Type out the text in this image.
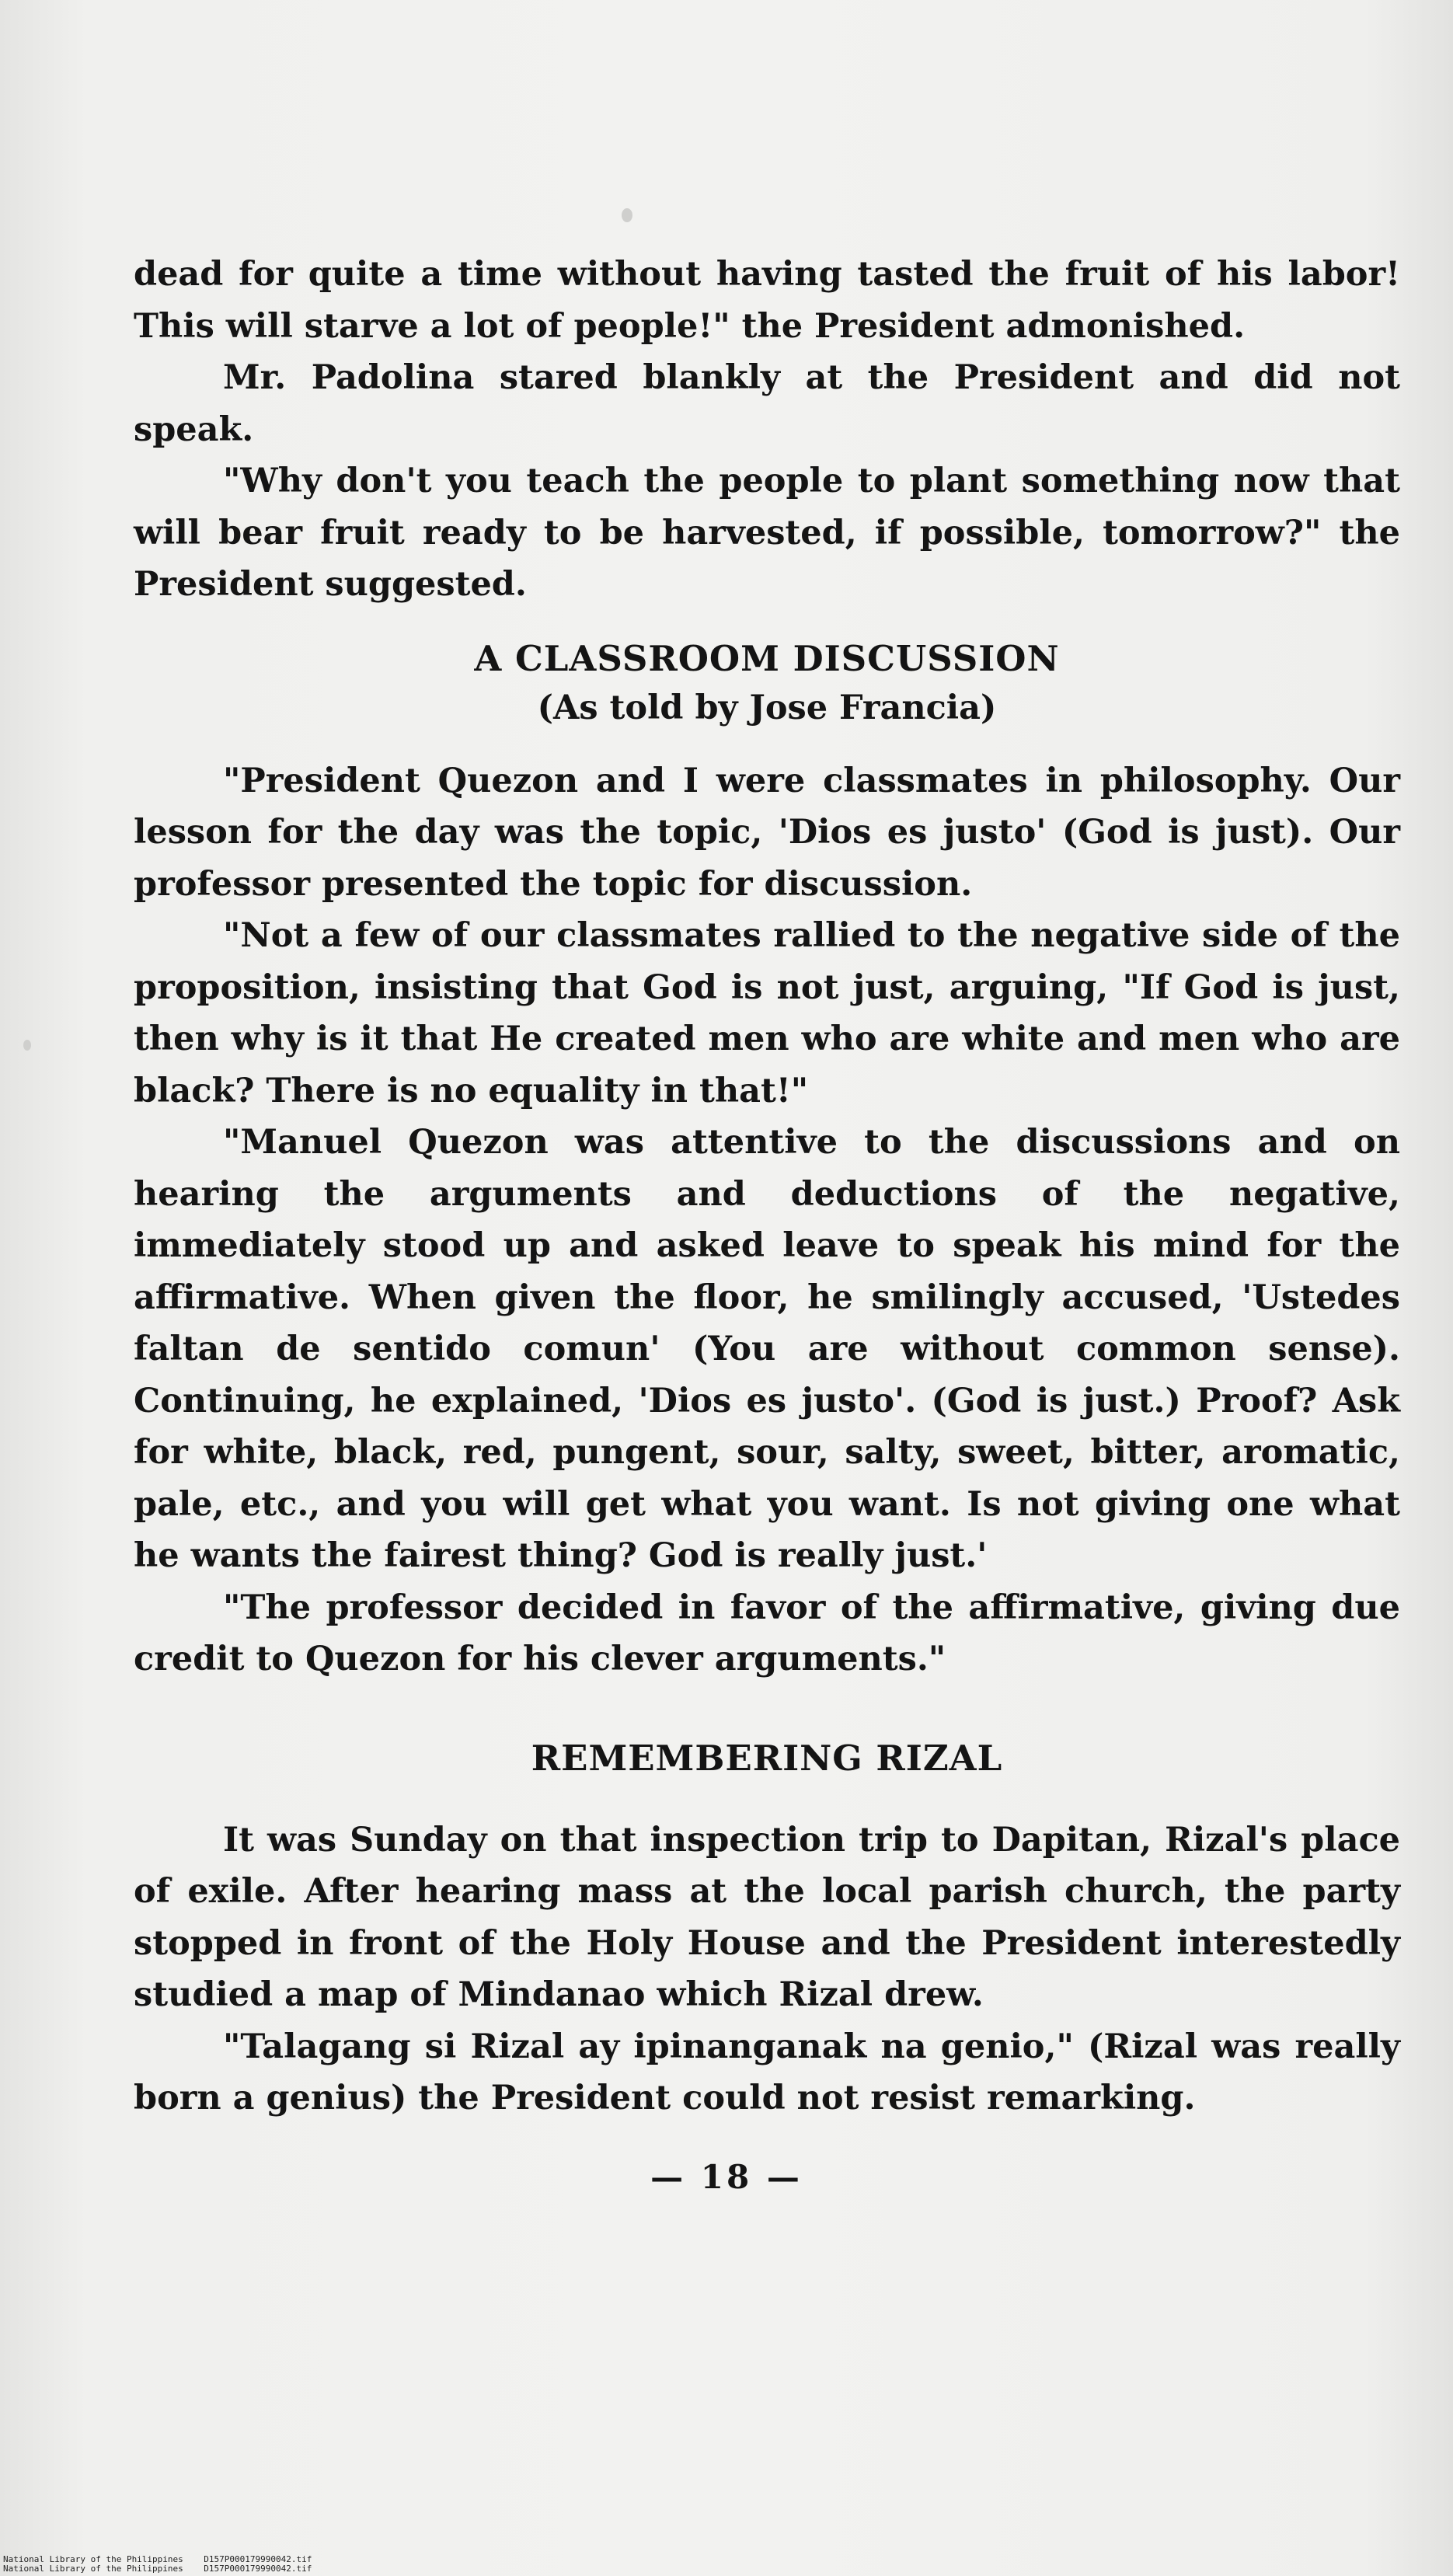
dead for quite a time without having tasted the fruit of his labor! This will starve a lot of people!" the President admonished.

Mr. Padolina stared blankly at the President and did not speak.

"Why don't you teach the people to plant something now that will bear fruit ready to be harvested, if possible, tomorrow?" the President suggested.

A CLASSROOM DISCUSSION
(As told by Jose Francia)

"President Quezon and I were classmates in philosophy. Our lesson for the day was the topic, 'Dios es justo' (God is just). Our professor presented the topic for discussion.

"Not a few of our classmates rallied to the negative side of the proposition, insisting that God is not just, arguing, "If God is just, then why is it that He created men who are white and men who are black? There is no equality in that!"

"Manuel Quezon was attentive to the discussions and on hearing the arguments and deductions of the negative, immediately stood up and asked leave to speak his mind for the affirmative. When given the floor, he smilingly accused, 'Ustedes faltan de sentido comun' (You are without common sense). Continuing, he explained, 'Dios es justo'. (God is just.) Proof? Ask for white, black, red, pungent, sour, salty, sweet, bitter, aromatic, pale, etc., and you will get what you want. Is not giving one what he wants the fairest thing? God is really just.'

"The professor decided in favor of the affirmative, giving due credit to Quezon for his clever arguments."

REMEMBERING RIZAL

It was Sunday on that inspection trip to Dapitan, Rizal's place of exile. After hearing mass at the local parish church, the party stopped in front of the Holy House and the President interestedly studied a map of Mindanao which Rizal drew.

"Talagang si Rizal ay ipinanganak na genio," (Rizal was really born a genius) the President could not resist remarking.

— 18 —
National Library of the Philippines    D157P000179990042.tif
National Library of the Philippines    D157P000179990042.tif
